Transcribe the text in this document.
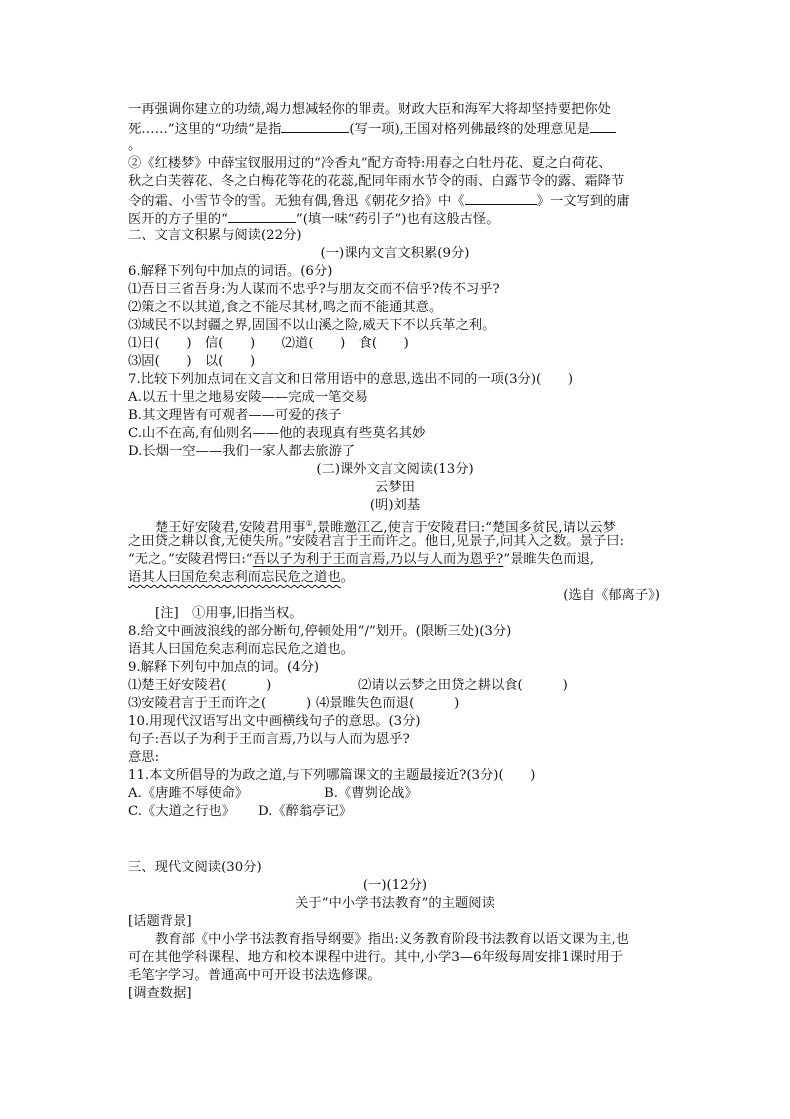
一再强调你建立的功绩,竭力想减轻你的罪责。财政大臣和海军大将却坚持要把你处
死……”这里的“功绩”是指	(写一项),王国对格列佛最终的处理意见是
。
②《红楼梦》中薛宝钗服用过的“冷香丸”配方奇特:用春之白牡丹花、夏之白荷花、
秋之白芙蓉花、冬之白梅花等花的花蕊,配同年雨水节令的雨、白露节令的露、霜降节
令的霜、小雪节令的雪。无独有偶,鲁迅《朝花夕拾》中《	》一文写到的庸
医开的方子里的“	”(填一味“药引子”)也有这般古怪。
二、文言文积累与阅读(22分)
(一)课内文言文积累(9分)
6.解释下列句中加点的词语。(6分)
⑴吾日三省吾身:为人谋而不忠乎?与朋友交而不信乎?传不习乎?
⑵策之不以其道,食之不能尽其材,鸣之而不能通其意。
⑶域民不以封疆之界,固国不以山溪之险,威天下不以兵革之利。
⑴日(　　)　信(　　)　　⑵道(　　)　食(　　)
⑶固(　　)　以(　　)
7.比较下列加点词在文言文和日常用语中的意思,选出不同的一项(3分)(　　)
A.以五十里之地易安陵——完成一笔交易
B.其文理皆有可观者——可爱的孩子
C.山不在高,有仙则名——他的表现真有些莫名其妙
D.长烟一空——我们一家人都去旅游了
(二)课外文言文阅读(13分)
云梦田
(明)刘基
楚王好安陵君,安陵君用事①,景睢邀江乙,使言于安陵君曰:“楚国多贫民,请以云梦
之田贷之耕以食,无使失所。”安陵君言于王而许之。他日,见景子,问其入之数。景子曰:
“无之。”安陵君愕曰:“吾以子为利于王而言焉,乃以与人而为恩乎?”景睢失色而退,
语其人曰国危矣志利而忘民危之道也。
(选自《郁离子》)
[注]　①用事,旧指当权。
8.给文中画波浪线的部分断句,停顿处用“/”划开。(限断三处)(3分)
语其人曰国危矣志利而忘民危之道也。
9.解释下列句中加点的词。(4分)
⑴楚王好安陵君(　　　)	⑵请以云梦之田贷之耕以食(　　　)
⑶安陵君言于王而许之(　　　) ⑷景睢失色而退(　　　)
10.用现代汉语写出文中画横线句子的意思。(3分)
句子:吾以子为利于王而言焉,乃以与人而为恩乎?
意思:
11.本文所倡导的为政之道,与下列哪篇课文的主题最接近?(3分)(　　)
A.《唐雎不辱使命》	B.《曹刿论战》
C.《大道之行也》 D.《醉翁亭记》
三、现代文阅读(30分)
(一)(12分)
关于“中小学书法教育”的主题阅读
[话题背景]
教育部《中小学书法教育指导纲要》指出:义务教育阶段书法教育以语文课为主,也
可在其他学科课程、地方和校本课程中进行。其中,小学3—6年级每周安排1课时用于
毛笔字学习。普通高中可开设书法选修课。
[调查数据]
